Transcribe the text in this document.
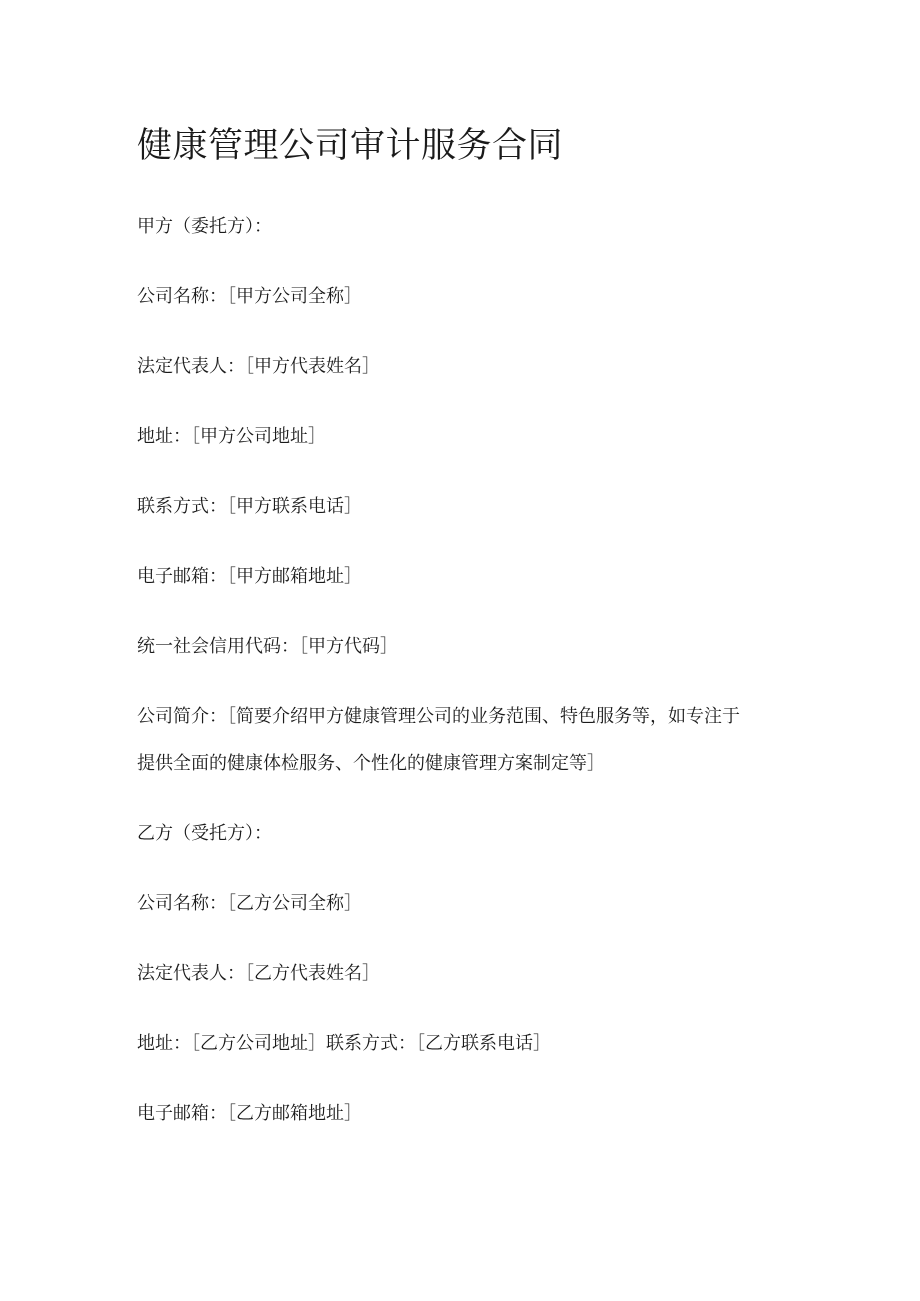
健康管理公司审计服务合同

甲方（委托方）：

公司名称：［甲方公司全称］

法定代表人：［甲方代表姓名］

地址：［甲方公司地址］

联系方式：［甲方联系电话］

电子邮箱：［甲方邮箱地址］

统一社会信用代码：［甲方代码］

公司简介：［简要介绍甲方健康管理公司的业务范围、特色服务等，如专注于

提供全面的健康体检服务、个性化的健康管理方案制定等］

乙方（受托方）：

公司名称：［乙方公司全称］

法定代表人：［乙方代表姓名］

地址：［乙方公司地址］联系方式：［乙方联系电话］

电子邮箱：［乙方邮箱地址］
